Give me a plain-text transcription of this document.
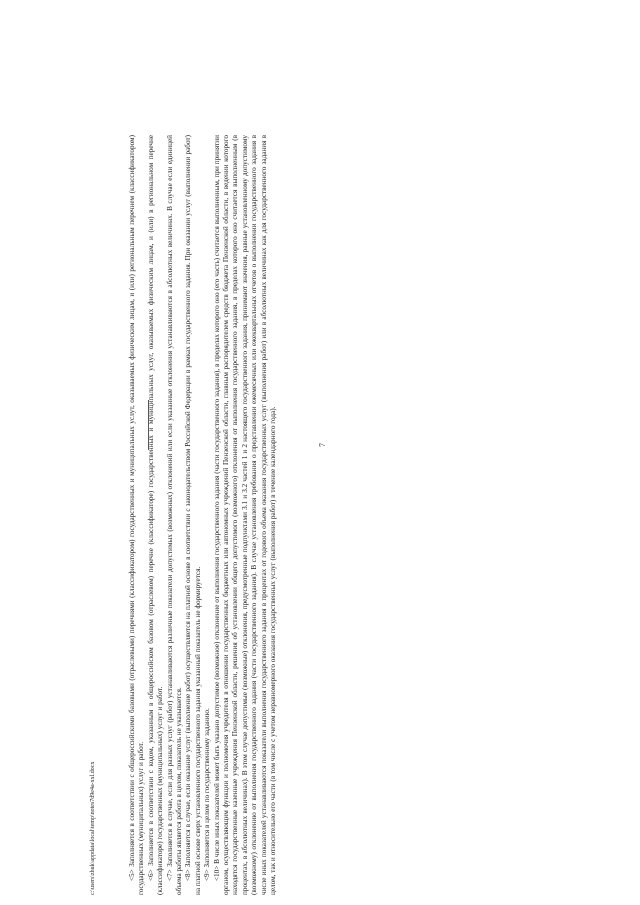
c:\users\zhuk\appdata\local\temp\notes7d9e4a-xxl.docx	<5> Заполняется в соответствии с общероссийскими базовыми (отраслевыми) перечнями (классификатором) государственных и муниципальных услут, оказываемых физическим лицам, и (или) региональным перечнем (классификатором) государственных (муниципальных) услуг и работ. <6> Заполняется в соответствии с кодом, указанным в общероссийском базовом (отраслевом) перечне (классификаторе) государственных и муниципальных услуг, оказываемых физическим лицам, и (или) в региональном перечне (классификаторе) государственных (муниципальных) услуг и работ. <7> Заполняется в случае, если для разных услуг (работ) устанавливаются различные показатели допустимых (возможных) отклонений или если указанные отклонения устанавливаются в абсолютных величинах. В случае если единицей объема работы является работа в целом, показатель не указывается. <8> Заполняется в случае, если оказание услуг (выполнение работ) осуществляется на платной основе в соответствии с законодательством Российской Федерации в рамках государственного задания. При оказании услуг (выполнении работ) на платной основе сверх установленного государственного задания указанный показатель не формируется. <9> Заполняется в целом по государственному заданию. <10> В числе иных показателей может быть указано допустимое (возможное) отклонение от выполнения государственного задания (части государственного задания), в пределах которого оно (его часть) считается выполненным, при принятии органом, осуществляющим функции и полномочия учредителя в отношении государственных бюджетных или автономных учреждений Пензенской области, главным распорядителем средств бюджета Пензенской области, в ведении которого находятся государственные казенные учреждения Пензенской области, решения об установлении общего допустимого (возможного) отклонения от выполнения государственного задания, в пределах которого оно считается выполненным (в процентах, в абсолютных величинах). В этом случае допустимые (возможные) отклонения, предусмотренные подпунктами 3.1 и 3.2 частей 1 и 2 настоящего государственного задания, принимают значения, равные установленному допустимому (возможному) отклонению от выполнения государственного задания (части государственного задания). В случае установления требования о представлении ежемесячных или ежеквартальных отчетов о выполнении государственного задания в числе иных показателей устанавливаются показатели выполнения государственного задания в процентах от годового объема оказания государственных услуг (выполнения работ) или в абсолютных величинах как для государственного задания в целом, так и относительно его части (в том числе с учетом неравномерного оказания государственных услуг (выполнения работ) в течение календарного года).	7
